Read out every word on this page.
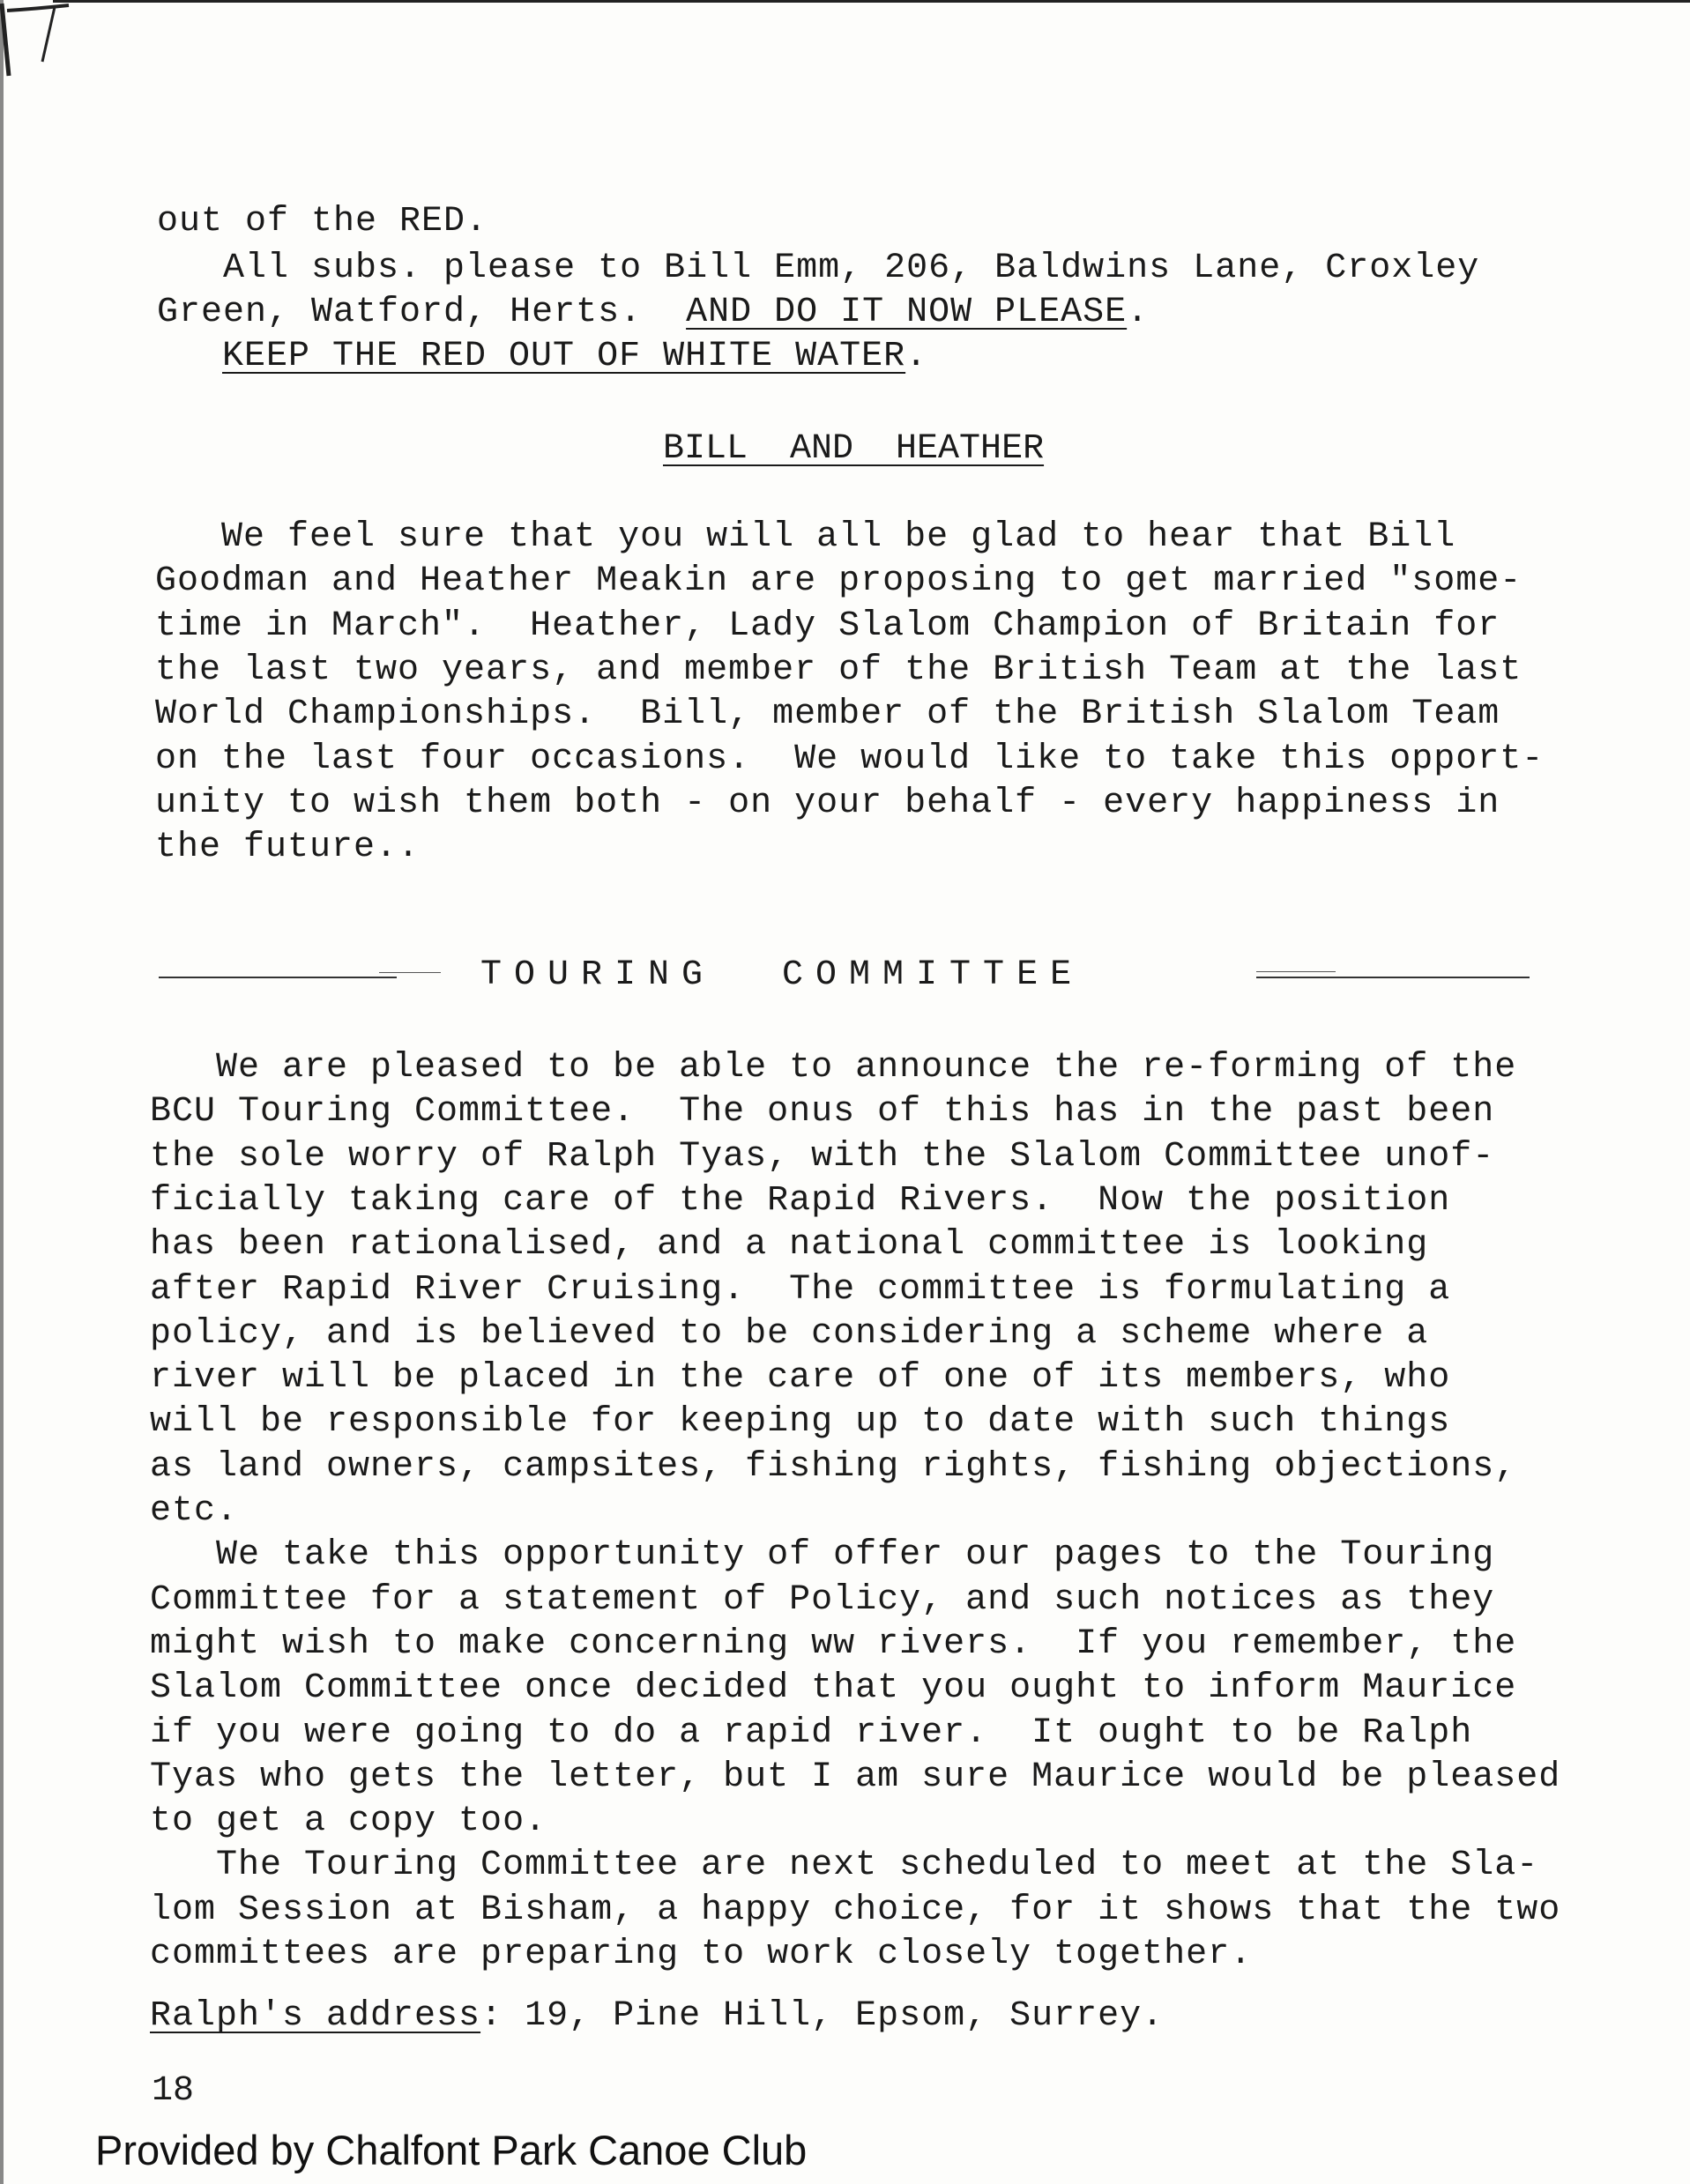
out of the RED.
All subs. please to Bill Emm, 206, Baldwins Lane, Croxley
Green, Watford, Herts.  AND DO IT NOW PLEASE.
KEEP THE RED OUT OF WHITE WATER.
BILL  AND  HEATHER
We feel sure that you will all be glad to hear that Bill
Goodman and Heather Meakin are proposing to get married "some-
time in March".  Heather, Lady Slalom Champion of Britain for
the last two years, and member of the British Team at the last
World Championships.  Bill, member of the British Slalom Team
on the last four occasions.  We would like to take this opport-
unity to wish them both - on your behalf - every happiness in
the future..
TOURING  COMMITTEE
We are pleased to be able to announce the re-forming of the
BCU Touring Committee.  The onus of this has in the past been
the sole worry of Ralph Tyas, with the Slalom Committee unof-
ficially taking care of the Rapid Rivers.  Now the position
has been rationalised, and a national committee is looking
after Rapid River Cruising.  The committee is formulating a
policy, and is believed to be considering a scheme where a
river will be placed in the care of one of its members, who
will be responsible for keeping up to date with such things
as land owners, campsites, fishing rights, fishing objections,
etc.
We take this opportunity of offer our pages to the Touring
Committee for a statement of Policy, and such notices as they
might wish to make concerning ww rivers.  If you remember, the
Slalom Committee once decided that you ought to inform Maurice
if you were going to do a rapid river.  It ought to be Ralph
Tyas who gets the letter, but I am sure Maurice would be pleased
to get a copy too.
The Touring Committee are next scheduled to meet at the Sla-
lom Session at Bisham, a happy choice, for it shows that the two
committees are preparing to work closely together.
Ralph's address: 19, Pine Hill, Epsom, Surrey.
18
Provided by Chalfont Park Canoe Club
